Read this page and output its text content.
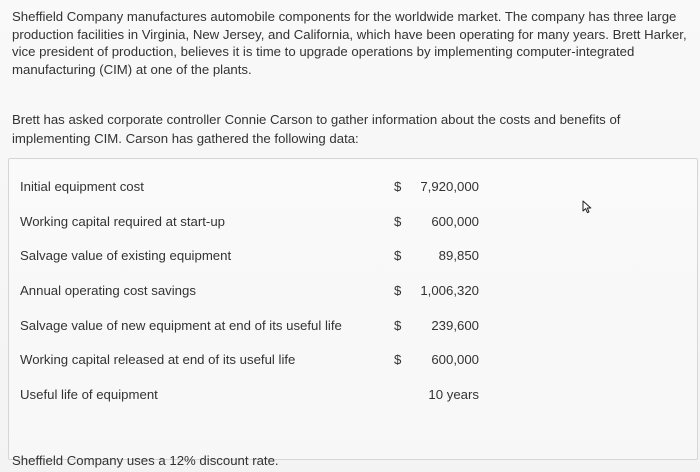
Sheffield Company manufactures automobile components for the worldwide market. The company has three large production facilities in Virginia, New Jersey, and California, which have been operating for many years. Brett Harker, vice president of production, believes it is time to upgrade operations by implementing computer-integrated manufacturing (CIM) at one of the plants.

Brett has asked corporate controller Connie Carson to gather information about the costs and benefits of implementing CIM. Carson has gathered the following data:

Initial equipment cost	$	7,920,000
Working capital required at start-up	$	600,000
Salvage value of existing equipment	$	89,850
Annual operating cost savings	$	1,006,320
Salvage value of new equipment at end of its useful life	$	239,600
Working capital released at end of its useful life	$	600,000
Useful life of equipment	10 years

Sheffield Company uses a 12% discount rate.
